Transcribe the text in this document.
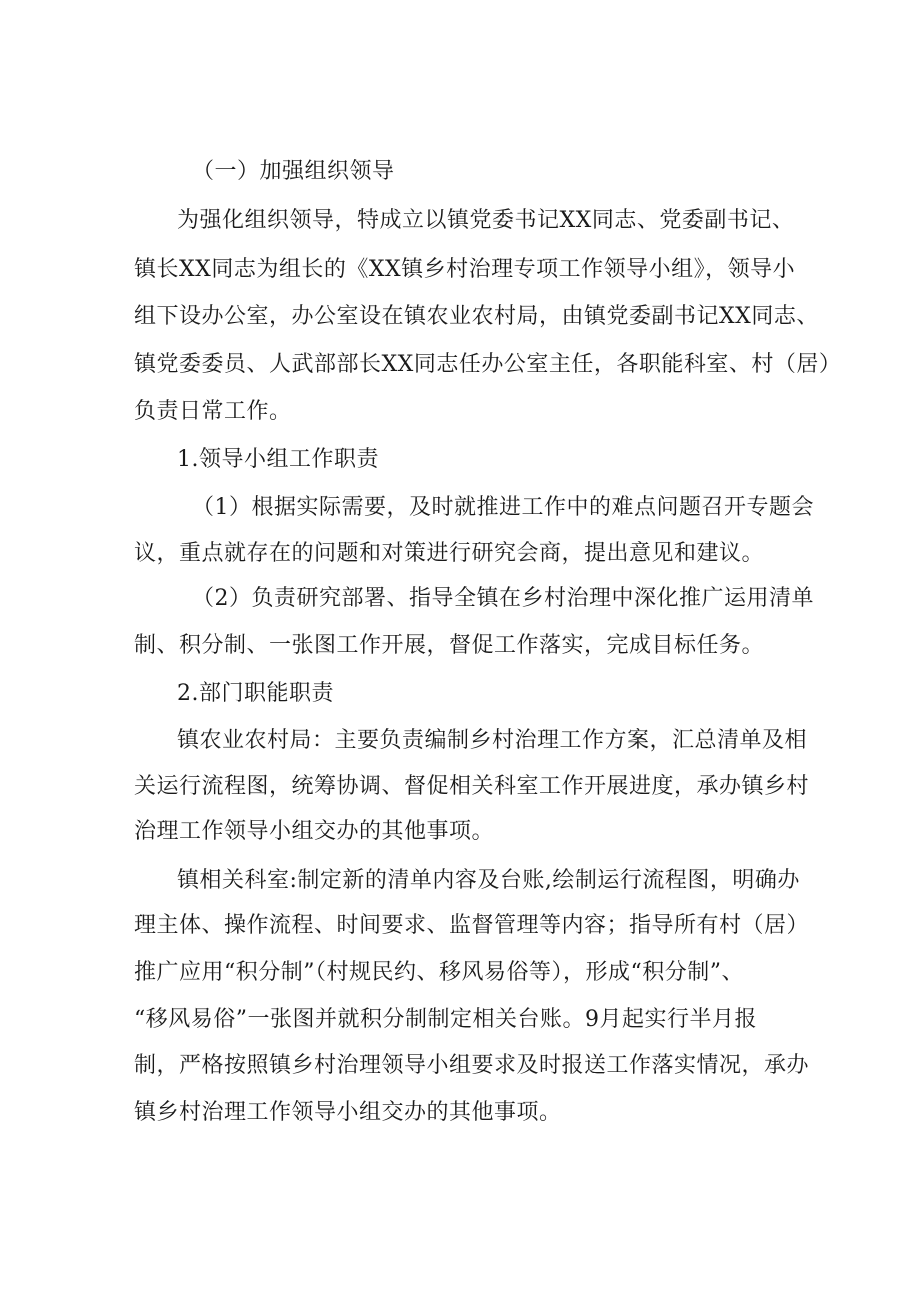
（一）加强组织领导
为强化组织领导，特成立以镇党委书记XX同志、党委副书记、
镇长XX同志为组长的《XX镇乡村治理专项工作领导小组》，领导小
组下设办公室，办公室设在镇农业农村局，由镇党委副书记XX同志、
镇党委委员、人武部部长XX同志任办公室主任，各职能科室、村（居）
负责日常工作。
1.领导小组工作职责
（1）根据实际需要，及时就推进工作中的难点问题召开专题会
议，重点就存在的问题和对策进行研究会商，提出意见和建议。
（2）负责研究部署、指导全镇在乡村治理中深化推广运用清单
制、积分制、一张图工作开展，督促工作落实，完成目标任务。
2.部门职能职责
镇农业农村局：主要负责编制乡村治理工作方案，汇总清单及相
关运行流程图，统筹协调、督促相关科室工作开展进度，承办镇乡村
治理工作领导小组交办的其他事项。
镇相关科室:制定新的清单内容及台账,绘制运行流程图，明确办
理主体、操作流程、时间要求、监督管理等内容；指导所有村（居）
推广应用“积分制”（村规民约、移风易俗等），形成“积分制”、
“移风易俗”一张图并就积分制制定相关台账。9月起实行半月报
制，严格按照镇乡村治理领导小组要求及时报送工作落实情况，承办
镇乡村治理工作领导小组交办的其他事项。
